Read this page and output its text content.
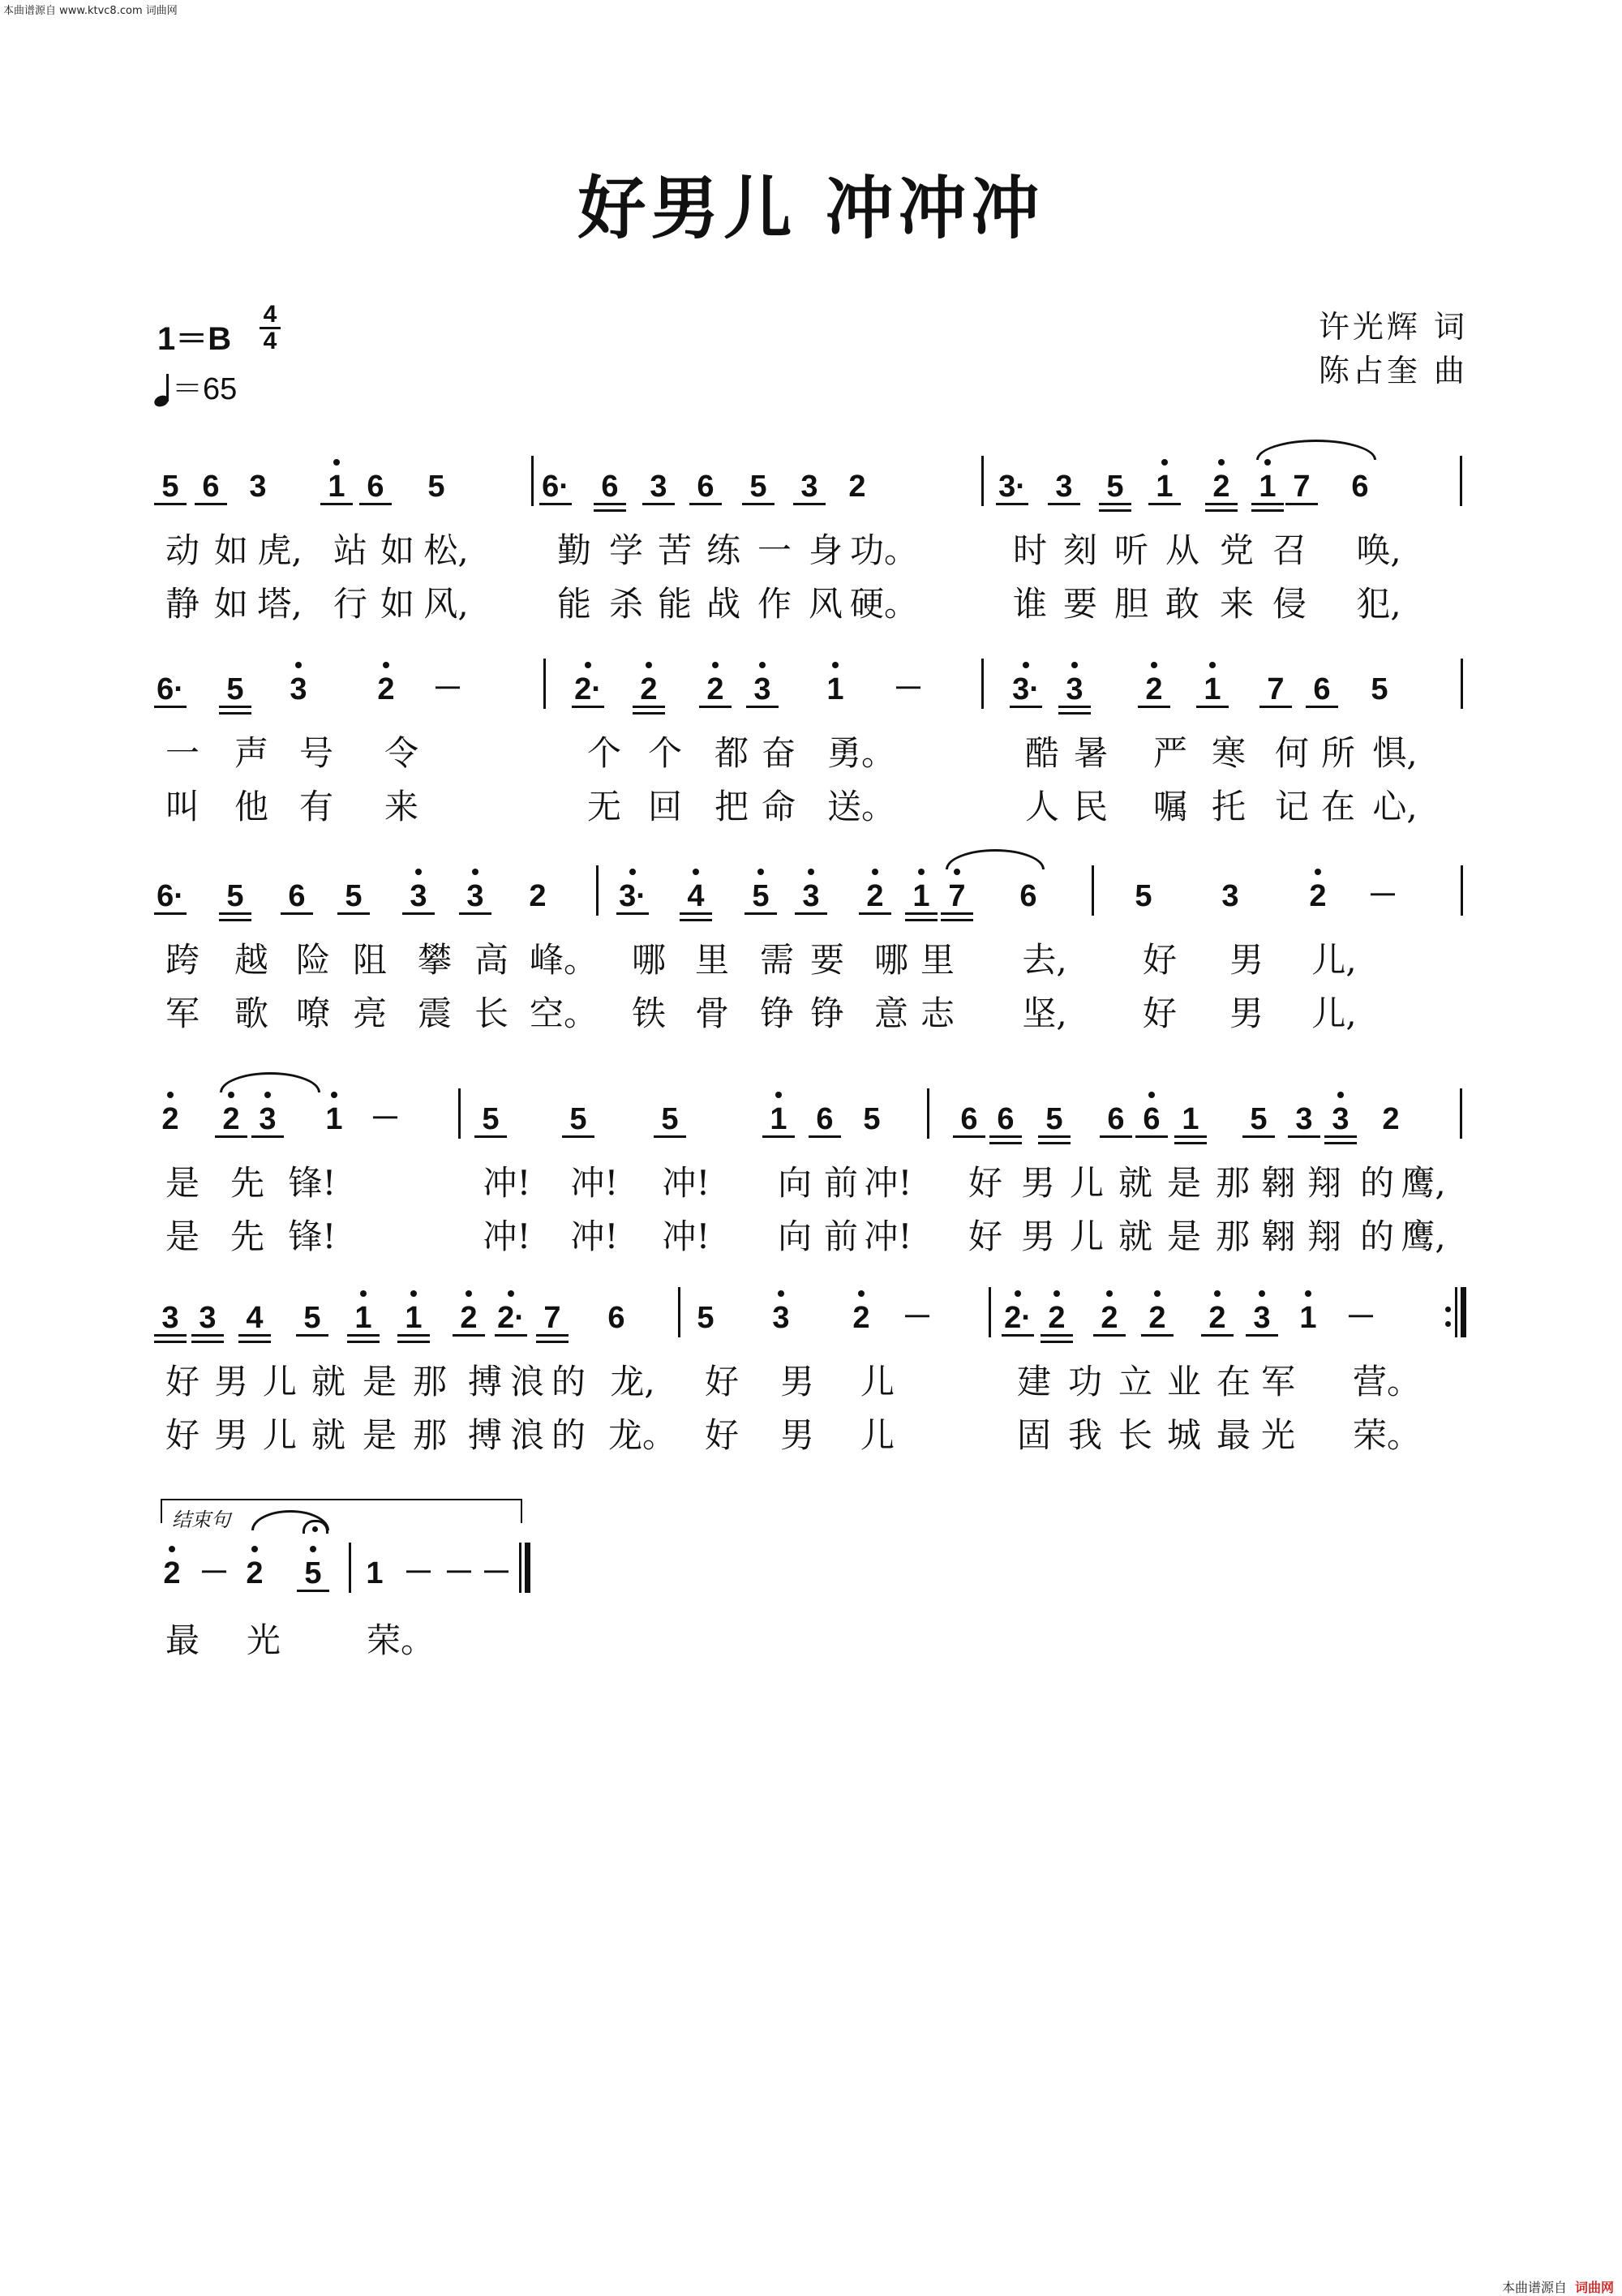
本曲谱源自 www.ktvc8.com 词曲网
好男儿 冲冲冲
1＝B
4
4
＝65
许光辉 词
陈占奎 曲
5 6 3 1 6 5	6· 6 3 6 5 3 2	3· 3 5 1 2 1 7 6
动 如 虎, 站 如 松,	勤 学 苦 练 一 身 功。	时 刻 听 从 党 召 唤,
静 如 塔, 行 如 风,	能 杀 能 战 作 风 硬。	谁 要 胆 敢 来 侵 犯,
6· 5 3 2 －	2· 2 2 3 1 －	3· 3 2 1 7 6 5
一 声 号 令	个 个 都 奋 勇。	酷 暑 严 寒 何 所 惧,
叫 他 有 来	无 回 把 命 送。	人 民 嘱 托 记 在 心,
6· 5 6 5 3 3 2 3· 4 5 3 2 1 7 6	5 3 2 －
跨 越 险 阻 攀 高 峰。 哪 里 需 要 哪 里 去, 好 男 儿,
军 歌 嘹 亮 震 长 空。 铁 骨 铮 铮 意 志 坚, 好 男 儿,
2 2 3 1 －	5 5 5	1 6 5	6 6 5 6 6 1 5 3 3 2
是 先 锋!	冲! 冲! 冲! 向 前 冲! 好 男 儿 就 是 那 翱 翔 的 鹰,
是 先 锋!	冲! 冲! 冲! 向 前 冲! 好 男 儿 就 是 那 翱 翔 的 鹰,
3 3 4 5 1 1 2 2· 7 6 5 3 2 － 2· 2 2 2 2 3 1 －
好 男 儿 就 是 那 搏 浪 的 龙, 好 男 儿	建 功 立 业 在 军 营。
好 男 儿 就 是 那 搏 浪 的 龙。 好 男 儿	固 我 长 城 最 光 荣。
2 － 2 5 1 － － －
最 光	荣。
结束句
本曲谱源自 词曲网
